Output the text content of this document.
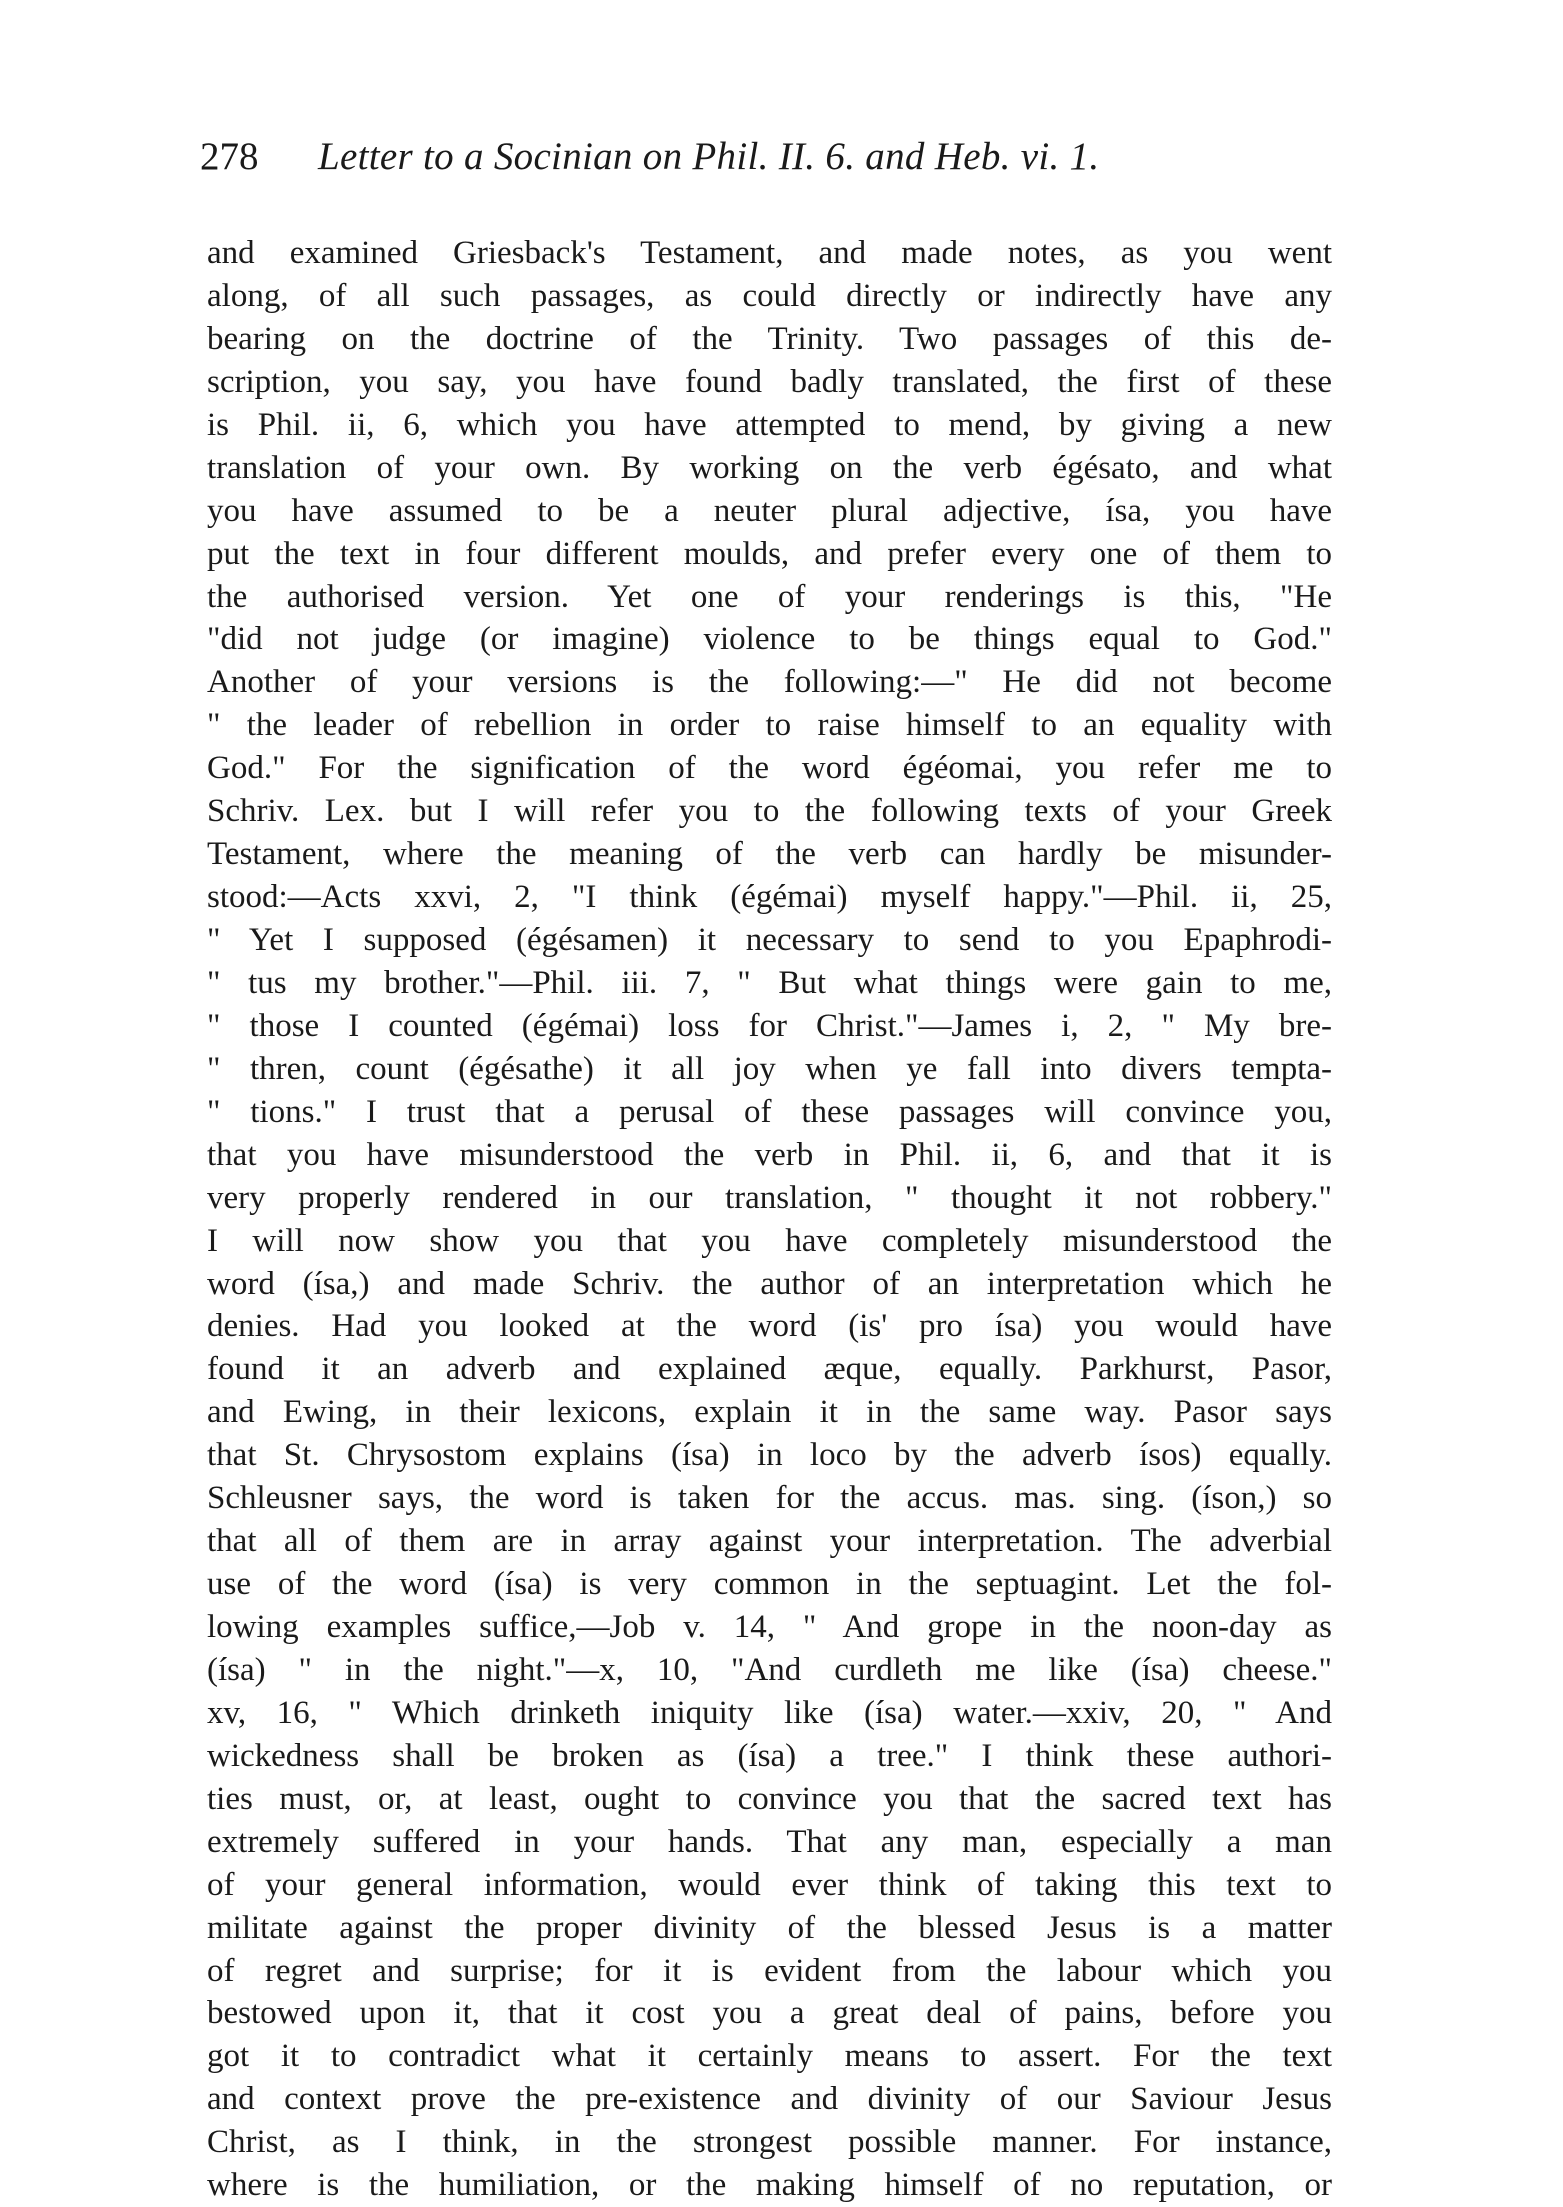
278 Letter to a Socinian on Phil. II. 6. and Heb. vi. 1.
and examined Griesback's Testament, and made notes, as you went
along, of all such passages, as could directly or indirectly have any
bearing on the doctrine of the Trinity. Two passages of this de-
scription, you say, you have found badly translated, the first of these
is Phil. ii, 6, which you have attempted to mend, by giving a new
translation of your own. By working on the verb égésato, and what
you have assumed to be a neuter plural adjective, ísa, you have
put the text in four different moulds, and prefer every one of them to
the authorised version. Yet one of your renderings is this, "He
"did not judge (or imagine) violence to be things equal to God."
Another of your versions is the following:—" He did not become
" the leader of rebellion in order to raise himself to an equality with
God." For the signification of the word égéomai, you refer me to
Schriv. Lex. but I will refer you to the following texts of your Greek
Testament, where the meaning of the verb can hardly be misunder-
stood:—Acts xxvi, 2, "I think (égémai) myself happy."—Phil. ii, 25,
" Yet I supposed (égésamen) it necessary to send to you Epaphrodi-
" tus my brother."—Phil. iii. 7, " But what things were gain to me,
" those I counted (égémai) loss for Christ."—James i, 2, " My bre-
" thren, count (égésathe) it all joy when ye fall into divers tempta-
" tions." I trust that a perusal of these passages will convince you,
that you have misunderstood the verb in Phil. ii, 6, and that it is
very properly rendered in our translation, " thought it not robbery."
I will now show you that you have completely misunderstood the
word (ísa,) and made Schriv. the author of an interpretation which he
denies. Had you looked at the word (is' pro ísa) you would have
found it an adverb and explained æque, equally. Parkhurst, Pasor,
and Ewing, in their lexicons, explain it in the same way. Pasor says
that St. Chrysostom explains (ísa) in loco by the adverb ísos) equally.
Schleusner says, the word is taken for the accus. mas. sing. (íson,) so
that all of them are in array against your interpretation. The adverbial
use of the word (ísa) is very common in the septuagint. Let the fol-
lowing examples suffice,—Job v. 14, " And grope in the noon-day as
(ísa) " in the night."—x, 10, "And curdleth me like (ísa) cheese."
xv, 16, " Which drinketh iniquity like (ísa) water.—xxiv, 20, " And
wickedness shall be broken as (ísa) a tree." I think these authori-
ties must, or, at least, ought to convince you that the sacred text has
extremely suffered in your hands. That any man, especially a man
of your general information, would ever think of taking this text to
militate against the proper divinity of the blessed Jesus is a matter
of regret and surprise; for it is evident from the labour which you
bestowed upon it, that it cost you a great deal of pains, before you
got it to contradict what it certainly means to assert. For the text
and context prove the pre-existence and divinity of our Saviour Jesus
Christ, as I think, in the strongest possible manner. For instance,
where is the humiliation, or the making himself of no reputation, or
